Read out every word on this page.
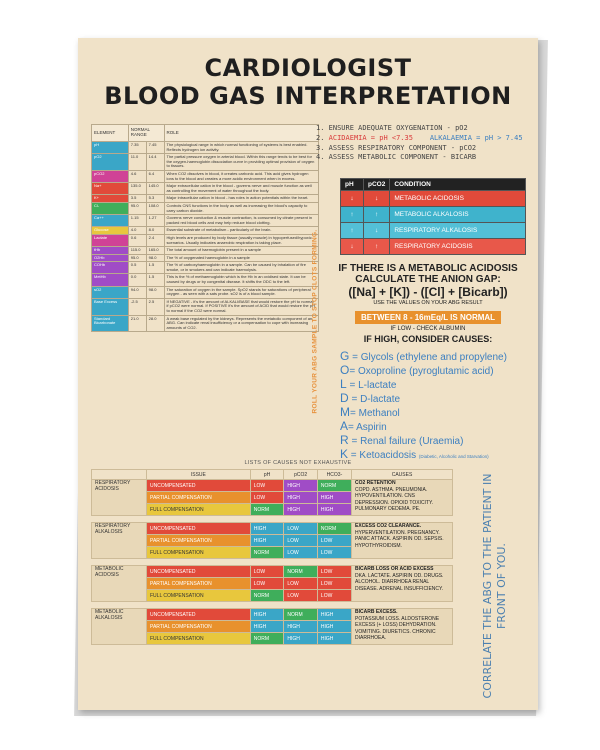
CARDIOLOGIST
BLOOD GAS INTERPRETATION
ELEMENT	NORMAL RANGE		ROLE
pH	7.35	7.45	The physiological range in which normal functioning of systems is best enabled. Reflects hydrogen ion activity.
pO2	11.0	14.4	The partial pressure oxygen in arterial blood. Within this range tends to be best for the oxygen-haemoglobin dissociation curve in providing optimal provision of oxygen to tissues.
pCO2	4.6	6.4	When CO2 dissolves in blood, it creates carbonic acid. This acid gives hydrogen ions to the blood and creates a more acidic environment when in excess.
Na+	135.0	145.0	Major extracellular cation in the blood - governs nerve and muscle function as well as controlling the movement of water throughout the body.
K+	3.5	5.3	Major intracellular cation in blood - has roles in action potentials within the heart.
Cl-	95.0	108.0	Controls CNS functions in the body as well as increasing the blood's capacity to carry carbon dioxide.
Ca++	1.15	1.27	Governs nerve conduction & muscle contraction, is consumed by citrate present in packed red blood cells and may help reduce blood clotting.
Glucose	4.0	8.0	Essential substrate of metabolism - particularly of the brain.
Lactate	0.6	2.4	High levels are produced by body tissue (usually muscle) in hypoperfused/hypoxic scenarios. Usually indicates anaerobic respiration is taking place.
tHb	115.0	165.0	The total amount of haemoglobin present in a sample
O2Hb	95.0	98.0	The % of oxygenated haemoglobin in a sample
COHb	0.5	1.5	The % of carboxyhaemoglobin in a sample. Can be caused by inhalation of fire smoke, or in smokers and can indicate haemolysis.
MetHb	0.0	1.5	This is the % of methaemoglobin which is the Hb in an oxidised state. It can be caused by drugs or by congenital disease. It shifts the ODC to the left.
sO2	94.0	98.0	The saturation of oxygen in the sample. SpO2 stands for saturations of peripheral oxygen - as seen with a sats probe. sO2 is of a blood sample.
Base Excess	-2.5	2.5	If NEGATIVE - it's the amount of ALKALI/BASE that would restore the pH to normal if pCO2 were normal. If POSITIVE it's the amount of ACID that would restore the pH to normal if the CO2 were normal.
Standard Bicarbonate	21.0	28.0	A weak base regulated by the kidneys. Represents the metabolic component of an ABG. Can indicate renal insufficiency or a compensation to cope with increasing amounts of CO2.	ROLL YOUR ABG SAMPLE TO STOP CLOTS FORMING.
1. ENSURE ADEQUATE OXYGENATION - pO2
2. ACIDAEMIA = pH <7.35 ALKALAEMIA = pH > 7.45
3. ASSESS RESPIRATORY COMPONENT - pCO2
4. ASSESS METABOLIC COMPONENT - BICARB
pH	pCO2	CONDITION
↓	↓	METABOLIC ACIDOSIS
↑	↑	METABOLIC ALKALOSIS
↑	↓	RESPIRATORY ALKALOSIS
↓	↑	RESPIRATORY ACIDOSIS
IF THERE IS A METABOLIC ACIDOSIS
CALCULATE THE ANION GAP:
([Na] + [K]) - ([Cl] + [Bicarb])
USE THE VALUES ON YOUR ABG RESULT
BETWEEN 8 - 16mEq/L IS NORMAL
IF LOW - CHECK ALBUMIN
IF HIGH, CONSIDER CAUSES:
G = Glycols (ethylene and propylene)
O= Oxoproline (pyroglutamic acid)
L = L-lactate
D = D-lactate
M= Methanol
A= Aspirin
R = Renal failure (Uraemia)
K = Ketoacidosis (Diabetic, Alcoholic and Starvation)
LISTS OF CAUSES NOT EXHAUSTIVE
	ISSUE	pH	pCO2	HCO3-	CAUSES
RESPIRATORY ACIDOSIS	UNCOMPENSATED	LOW	HIGH	NORM	CO2 RETENTION
COPD. ASTHMA. PNEUMONIA. HYPOVENTILATION. CNS DEPRESSION. OPIOID TOXICITY. PULMONARY OEDEMA. PE.

	PARTIAL COMPENSATION	LOW	HIGH	HIGH	
	FULL COMPENSATION	NORM	HIGH	HIGH	

RESPIRATORY ALKALOSIS	UNCOMPENSATED	HIGH	LOW	NORM	EXCESS CO2 CLEARANCE.
HYPERVENTILATION. PREGNANCY. PANIC ATTACK. ASPIRIN OD. SEPSIS. HYPOTHYROIDISM.

	PARTIAL COMPENSATION	HIGH	LOW	LOW	
	FULL COMPENSATION	NORM	LOW	LOW	

METABOLIC ACIDOSIS	UNCOMPENSATED	LOW	NORM	LOW	BICARB LOSS OR ACID EXCESS
DKA. LACTATE. ASPIRIN OD. DRUGS. ALCOHOL. DIARRHOEA RENAL DISEASE. ADRENAL INSUFFICIENCY.

	PARTIAL COMPENSATION	LOW	LOW	LOW	
	FULL COMPENSATION	NORM	LOW	LOW	

METABOLIC ALKALOSIS	UNCOMPENSATED	HIGH	NORM	HIGH	BICARB EXCESS.
POTASSIUM LOSS. ALDOSTERONE EXCESS (+ LOSS) DEHYDRATION. VOMITING. DIURETICS. CHRONIC DIARRHOEA.

	PARTIAL COMPENSATION	HIGH	HIGH	HIGH	
	FULL COMPENSATION	NORM	HIGH	HIGH		CORRELATE THE ABG TO THE PATIENT IN FRONT OF YOU.
